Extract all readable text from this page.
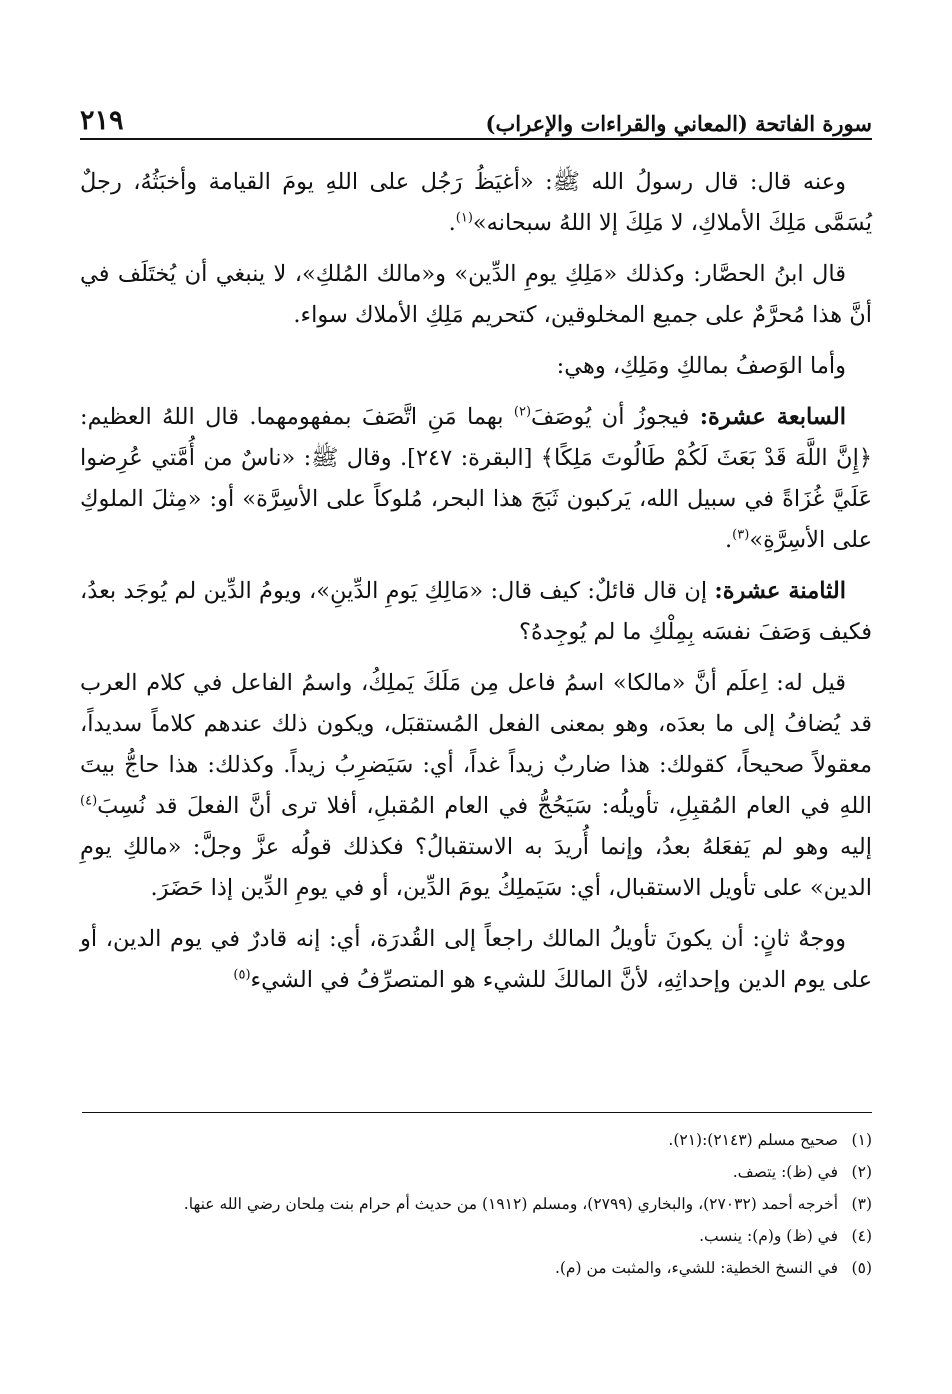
سورة الفاتحة (المعاني والقراءات والإعراب)
٢١٩

وعنه قال: قال رسولُ الله ﷺ: «أغيَظُ رَجُل على اللهِ يومَ القيامة وأخبَثُهُ، رجلٌ يُسَمَّى مَلِكَ الأملاكِ، لا مَلِكَ إلا اللهُ سبحانه»$^{(١)}$.

قال ابنُ الحصَّار: وكذلك «مَلِكِ يومِ الدِّين» و«مالك المُلكِ»، لا ينبغي أن يُختَلَف في أنَّ هذا مُحرَّمٌ على جميع المخلوقين، كتحريم مَلِكِ الأملاك سواء.

وأما الوَصفُ بمالكِ ومَلِكِ، وهي:

السابعة عشرة: فيجوزُ أن يُوصَفَ$^{(٢)}$ بهما مَنِ اتَّصَفَ بمفهومهما. قال اللهُ العظيم: ﴿إِنَّ اللَّهَ قَدْ بَعَثَ لَكُمْ طَالُوتَ مَلِكًا﴾ [البقرة: ٢٤٧]. وقال ﷺ: «ناسٌ من أُمَّتي عُرِضوا عَلَيَّ غُزَاةً في سبيل الله، يَركبون ثَبَجَ هذا البحر، مُلوكاً على الأسِرَّة» أو: «مِثلَ الملوكِ على الأسِرَّةِ»$^{(٣)}$.

الثامنة عشرة: إن قال قائلٌ: كيف قال: «مَالِكِ يَومِ الدِّينِ»، ويومُ الدِّين لم يُوجَد بعدُ، فكيف وَصَفَ نفسَه بِمِلْكِ ما لم يُوجِدهُ؟

قيل له: اِعلَم أنَّ «مالكا» اسمُ فاعل مِن مَلَكَ يَملِكُ، واسمُ الفاعل في كلام العرب قد يُضافُ إلى ما بعدَه، وهو بمعنى الفعل المُستقبَل، ويكون ذلك عندهم كلاماً سديداً، معقولاً صحيحاً، كقولك: هذا ضاربٌ زيداً غداً، أي: سَيَضرِبُ زيداً. وكذلك: هذا حاجُّ بيتَ اللهِ في العام المُقبِلِ، تأويلُه: سَيَحُجُّ في العام المُقبلِ، أفلا ترى أنَّ الفعلَ قد نُسِبَ$^{(٤)}$ إليه وهو لم يَفعَلهُ بعدُ، وإنما أُريدَ به الاستقبالُ؟ فكذلك قولُه عزَّ وجلَّ: «مالكِ يومِ الدين» على تأويل الاستقبال، أي: سَيَملِكُ يومَ الدِّين، أو في يومِ الدِّين إذا حَضَرَ.

ووجهٌ ثانٍ: أن يكونَ تأويلُ المالك راجعاً إلى القُدرَة، أي: إنه قادرٌ في يوم الدين، أو على يوم الدين وإحداثِهِ، لأنَّ المالكَ للشيء هو المتصرِّفُ في الشيء$^{(٥)}$

(١)
صحيح مسلم (٢١٤٣):(٢١).
(٢)
في (ظ): يتصف.
(٣)
أخرجه أحمد (٢٧٠٣٢)، والبخاري (٢٧٩٩)، ومسلم (١٩١٢) من حديث أم حرام بنت مِلحان رضي الله عنها.
(٤)
في (ظ) و(م): ينسب.
(٥)
في النسخ الخطية: للشيء، والمثبت من (م).
